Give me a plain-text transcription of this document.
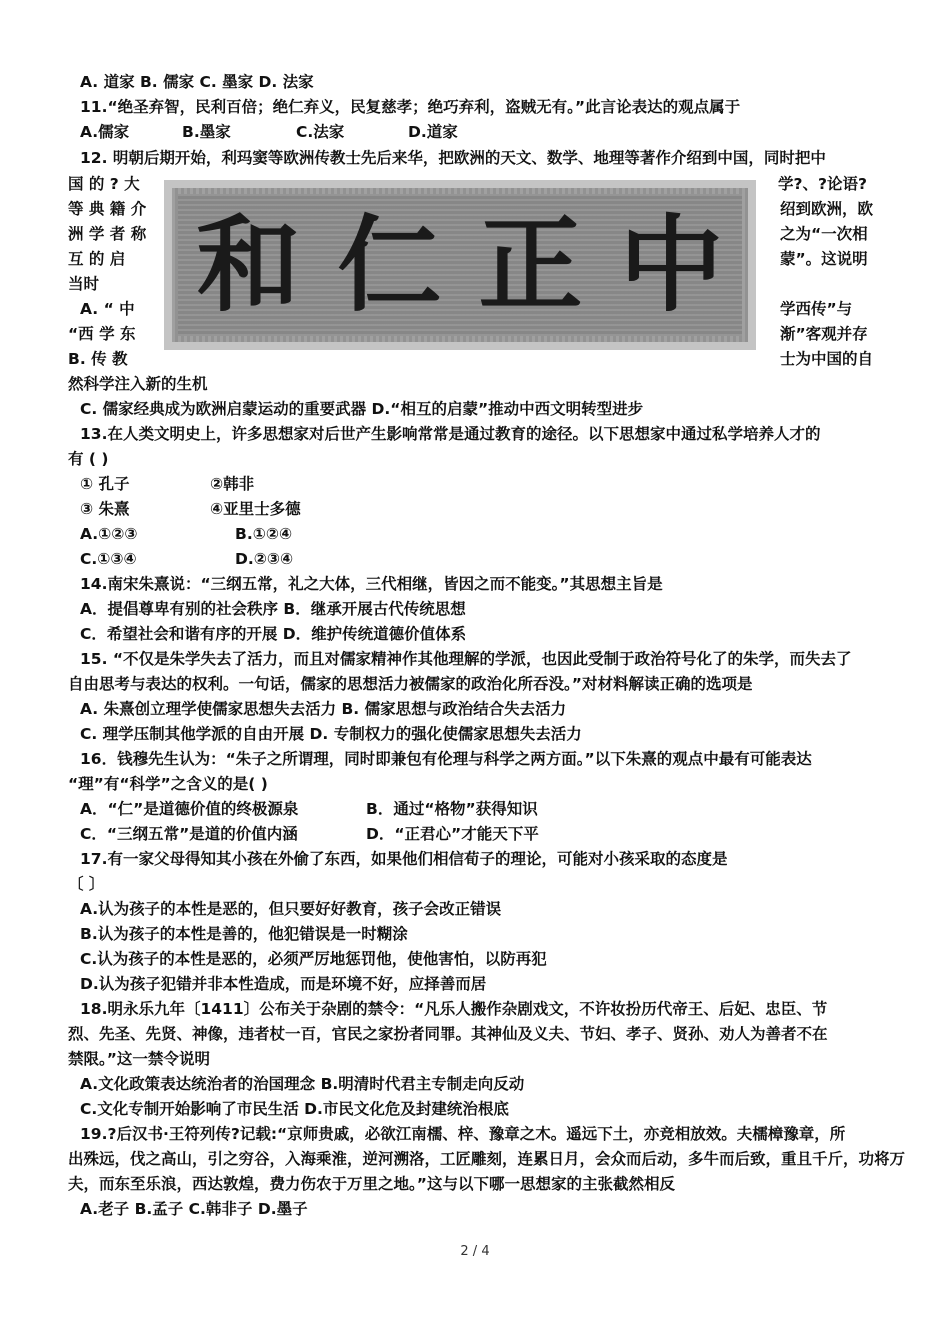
A. 道家 B. 儒家 C. 墨家 D. 法家
11.“绝圣弃智，民利百倍；绝仁弃义，民复慈孝；绝巧弃利，盗贼无有。”此言论表达的观点属于
A.儒家	B.墨家	C.法家	D.道家
12. 明朝后期开始，利玛窦等欧洲传教士先后来华，把欧洲的天文、数学、地理等著作介绍到中国，同时把中
国 的 ? 大	学?、?论语?
等 典 籍 介	绍到欧洲，欧
洲 学 者 称	之为“一次相
互 的 启	蒙”。这说明
当时
A. “ 中	学西传”与
“西 学 东	渐”客观并存
B. 传 教	士为中国的自
然科学注入新的生机
C. 儒家经典成为欧洲启蒙运动的重要武器 D.“相互的启蒙”推动中西文明转型进步
和 仁 正 中
13.在人类文明史上，许多思想家对后世产生影响常常是通过教育的途径。以下思想家中通过私学培养人才的
有 ( )
① 孔子	②韩非
③ 朱熹	④亚里士多德
A.①②③	B.①②④
C.①③④	D.②③④
14.南宋朱熹说：“三纲五常，礼之大体，三代相继，皆因之而不能变。”其思想主旨是
A．提倡尊卑有别的社会秩序 B．继承开展古代传统思想
C．希望社会和谐有序的开展 D．维护传统道德价值体系
15. “不仅是朱学失去了活力，而且对儒家精神作其他理解的学派，也因此受制于政治符号化了的朱学，而失去了
自由思考与表达的权利。一句话，儒家的思想活力被儒家的政治化所吞没。”对材料解读正确的选项是
A. 朱熹创立理学使儒家思想失去活力 B. 儒家思想与政治结合失去活力
C. 理学压制其他学派的自由开展 D. 专制权力的强化使儒家思想失去活力
16．钱穆先生认为：“朱子之所谓理，同时即兼包有伦理与科学之两方面。”以下朱熹的观点中最有可能表达
“理”有“科学”之含义的是( )
A．“仁”是道德价值的终极源泉	B．通过“格物”获得知识
C．“三纲五常”是道的价值内涵	D．“正君心”才能天下平
17.有一家父母得知其小孩在外偷了东西，如果他们相信荀子的理论，可能对小孩采取的态度是
〔 〕
A.认为孩子的本性是恶的，但只要好好教育，孩子会改正错误
B.认为孩子的本性是善的，他犯错误是一时糊涂
C.认为孩子的本性是恶的，必须严厉地惩罚他，使他害怕，以防再犯
D.认为孩子犯错并非本性造成，而是环境不好，应择善而居
18.明永乐九年〔1411〕公布关于杂剧的禁令：“凡乐人搬作杂剧戏文，不许妆扮历代帝王、后妃、忠臣、节
烈、先圣、先贤、神像，违者杖一百，官民之家扮者同罪。其神仙及义夫、节妇、孝子、贤孙、劝人为善者不在
禁限。”这一禁令说明
A.文化政策表达统治者的治国理念 B.明清时代君主专制走向反动
C.文化专制开始影响了市民生活 D.市民文化危及封建统治根底
19.?后汉书·王符列传?记载:“京师贵戚，必欲江南檽、梓、豫章之木。遥远下土，亦竞相放效。夫檽樟豫章，所
出殊远，伐之高山，引之穷谷，入海乘淮，逆河溯洛，工匠雕刻，连累日月，会众而后动，多牛而后致，重且千斤，功将万
夫，而东至乐浪，西达敦煌，费力伤农于万里之地。”这与以下哪一思想家的主张截然相反
A.老子 B.孟子 C.韩非子 D.墨子
2 / 4
